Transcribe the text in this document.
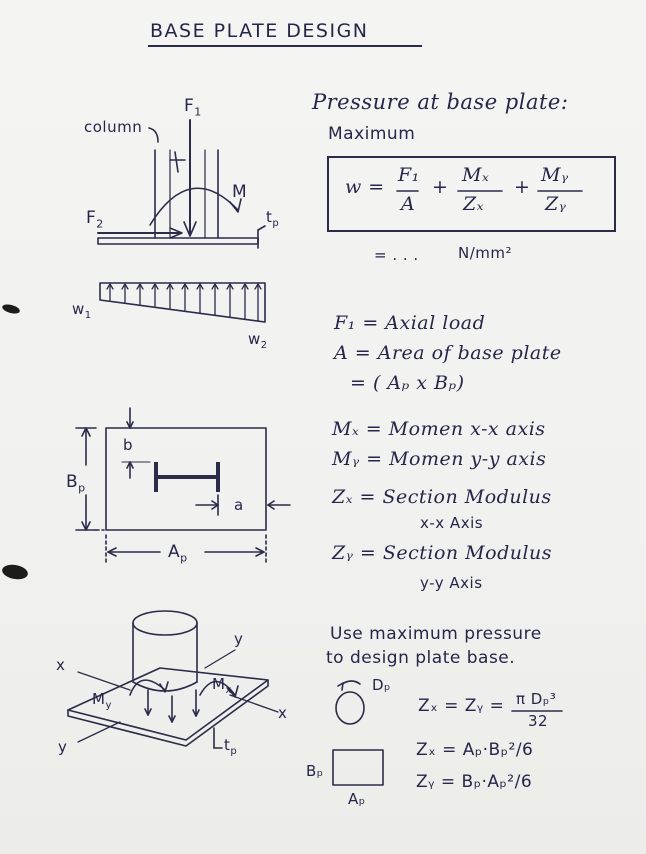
BASE PLATE DESIGN
column
$F_1$
$F_2$
M
$t_p$
$w_1$
$w_2$
b
$B_p$
a
$A_p$
x
y
$M_y$
$M_x$
x
y	$t_p$
Pressure at base plate:
Maximum
w =
F₁
A
+
Mₓ
Zₓ
+
Mᵧ
Zᵧ
= . . .	N/mm²
F₁ = Axial load
A = Area of base plate
= ( Aₚ x Bₚ)
Mₓ = Momen x-x axis
Mᵧ = Momen y-y axis
Zₓ = Section Modulus
x-x Axis
Zᵧ = Section Modulus
y-y Axis
Use maximum pressure
to design plate base.
Dₚ
Zₓ = Zᵧ = π Dₚ³
32
Bₚ
Aₚ
Zₓ = Aₚ·Bₚ²/6
Zᵧ = Bₚ·Aₚ²/6
